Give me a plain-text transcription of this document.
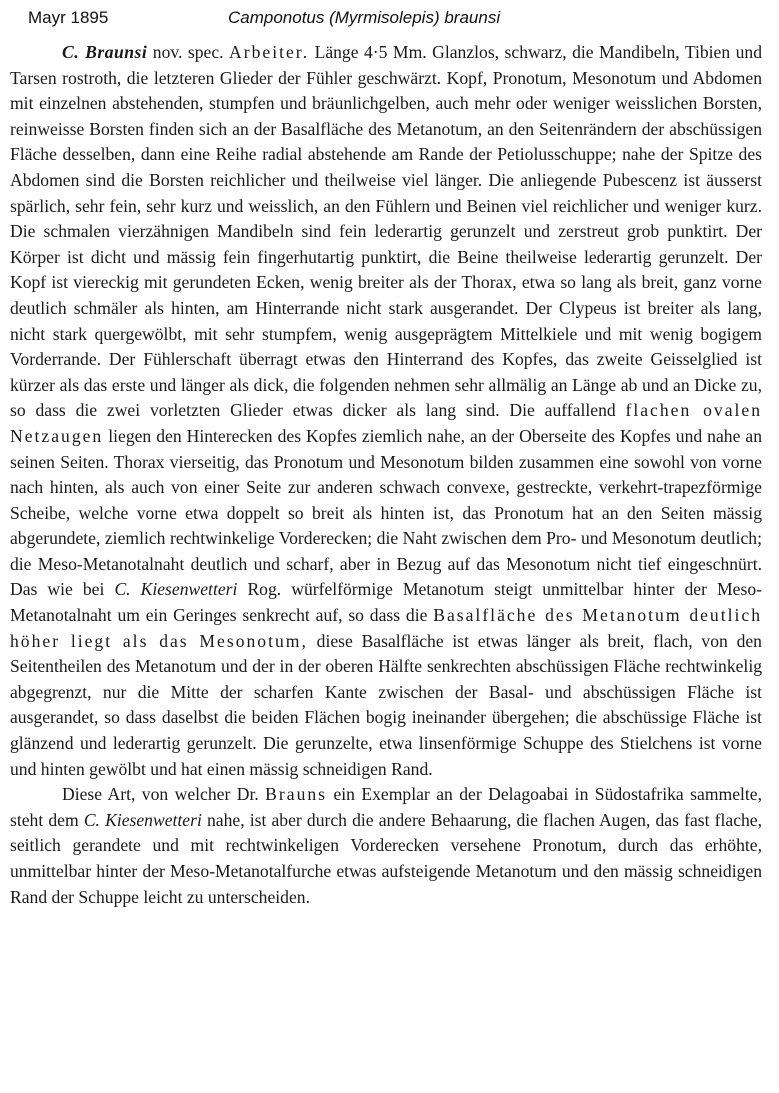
Mayr 1895	Camponotus (Myrmisolepis) braunsi

C. Braunsi nov. spec. Arbeiter. Länge 4·5 Mm. Glanzlos, schwarz, die Mandibeln, Tibien und Tarsen rostroth, die letzteren Glieder der Fühler geschwärzt. Kopf, Pronotum, Mesonotum und Abdomen mit einzelnen abstehenden, stumpfen und bräunlichgelben, auch mehr oder weniger weisslichen Borsten, reinweisse Borsten finden sich an der Basalfläche des Metanotum, an den Seitenrändern der abschüssigen Fläche desselben, dann eine Reihe radial abstehende am Rande der Petiolusschuppe; nahe der Spitze des Abdomen sind die Borsten reichlicher und theilweise viel länger. Die anliegende Pubescenz ist äusserst spärlich, sehr fein, sehr kurz und weisslich, an den Fühlern und Beinen viel reichlicher und weniger kurz. Die schmalen vierzähnigen Mandibeln sind fein lederartig gerunzelt und zerstreut grob punktirt. Der Körper ist dicht und mässig fein fingerhutartig punktirt, die Beine theilweise lederartig gerunzelt. Der Kopf ist viereckig mit gerundeten Ecken, wenig breiter als der Thorax, etwa so lang als breit, ganz vorne deutlich schmäler als hinten, am Hinterrande nicht stark ausgerandet. Der Clypeus ist breiter als lang, nicht stark quergewölbt, mit sehr stumpfem, wenig ausgeprägtem Mittelkiele und mit wenig bogigem Vorderrande. Der Fühlerschaft überragt etwas den Hinterrand des Kopfes, das zweite Geisselglied ist kürzer als das erste und länger als dick, die folgenden nehmen sehr allmälig an Länge ab und an Dicke zu, so dass die zwei vorletzten Glieder etwas dicker als lang sind. Die auffallend flachen ovalen Netzaugen liegen den Hinterecken des Kopfes ziemlich nahe, an der Oberseite des Kopfes und nahe an seinen Seiten. Thorax vierseitig, das Pronotum und Mesonotum bilden zusammen eine sowohl von vorne nach hinten, als auch von einer Seite zur anderen schwach convexe, gestreckte, verkehrt-trapezförmige Scheibe, welche vorne etwa doppelt so breit als hinten ist, das Pronotum hat an den Seiten mässig abgerundete, ziemlich rechtwinkelige Vorderecken; die Naht zwischen dem Pro- und Mesonotum deutlich; die Meso-Metanotalnaht deutlich und scharf, aber in Bezug auf das Mesonotum nicht tief eingeschnürt. Das wie bei C. Kiesenwetteri Rog. würfelförmige Metanotum steigt unmittelbar hinter der Meso-Metanotalnaht um ein Geringes senkrecht auf, so dass die Basalfläche des Metanotum deutlich höher liegt als das Mesonotum, diese Basalfläche ist etwas länger als breit, flach, von den Seitentheilen des Metanotum und der in der oberen Hälfte senkrechten abschüssigen Fläche rechtwinkelig abgegrenzt, nur die Mitte der scharfen Kante zwischen der Basal- und abschüssigen Fläche ist ausgerandet, so dass daselbst die beiden Flächen bogig ineinander übergehen; die abschüssige Fläche ist glänzend und lederartig gerunzelt. Die gerunzelte, etwa linsenförmige Schuppe des Stielchens ist vorne und hinten gewölbt und hat einen mässig schneidigen Rand.

Diese Art, von welcher Dr. Brauns ein Exemplar an der Delagoabai in Südostafrika sammelte, steht dem C. Kiesenwetteri nahe, ist aber durch die andere Behaarung, die flachen Augen, das fast flache, seitlich gerandete und mit rechtwinkeligen Vorderecken versehene Pronotum, durch das erhöhte, unmittelbar hinter der Meso-Metanotalfurche etwas aufsteigende Metanotum und den mässig schneidigen Rand der Schuppe leicht zu unterscheiden.
